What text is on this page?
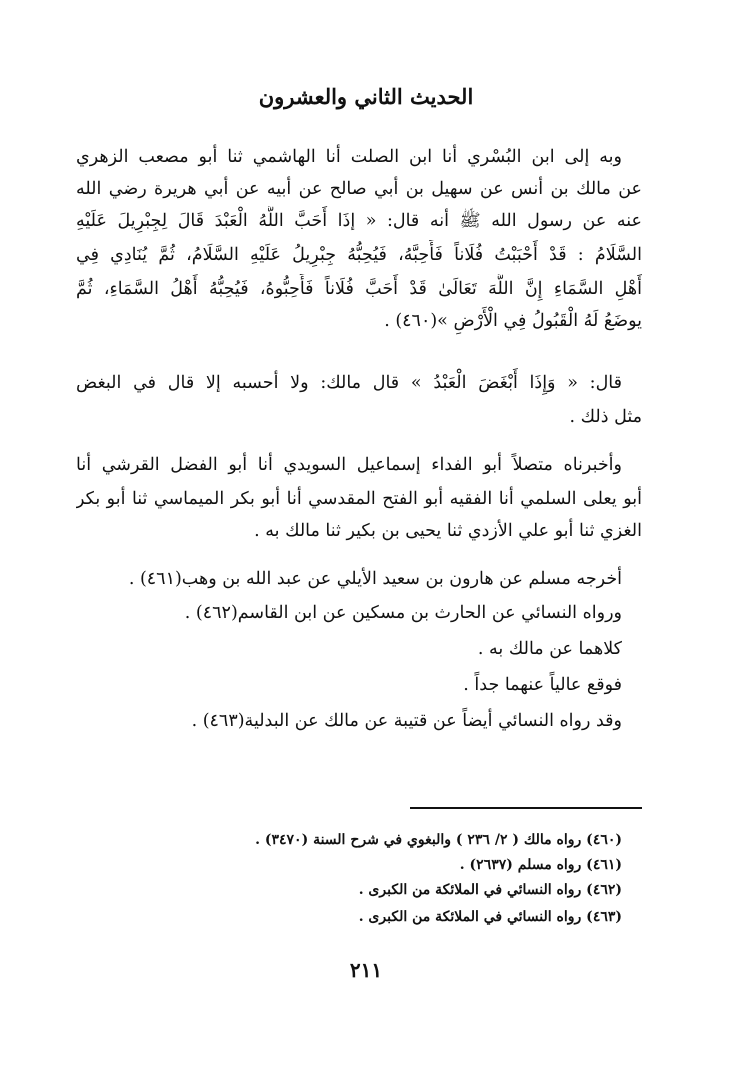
الحديث الثاني والعشرون
وبه إلى ابن البُسْري أنا ابن الصلت أنا الهاشمي ثنا أبو مصعب الزهري
عن مالك بن أنس عن سهيل بن أبي صالح عن أبيه عن أبي هريرة رضي الله
عنه عن رسول الله ﷺ أنه قال: « إذَا أَحَبَّ اللَّهُ الْعَبْدَ قَالَ لِجِبْرِيلَ عَلَيْهِ
السَّلَامُ : قَدْ أَحْبَبْتُ فُلَاناً فَأَحِبَّهُ، فَيُحِبُّهُ جِبْرِيلُ عَلَيْهِ السَّلَامُ، ثُمَّ يُنَادِي فِي
أَهْلِ السَّمَاءِ إِنَّ اللَّهَ تَعَالَىٰ قَدْ أَحَبَّ فُلَاناً فَأَحِبُّوهُ، فَيُحِبُّهُ أَهْلُ السَّمَاءِ، ثُمَّ
يوضَعُ لَهُ الْقَبُولُ فِي الْأَرْضِ »(٤٦٠) .
قال: « وَإِذَا أَبْغَضَ الْعَبْدُ » قال مالك: ولا أحسبه إلا قال في البغض
مثل ذلك .
وأخبرناه متصلاً أبو الفداء إسماعيل السويدي أنا أبو الفضل القرشي أنا
أبو يعلى السلمي أنا الفقيه أبو الفتح المقدسي أنا أبو بكر الميماسي ثنا أبو بكر
الغزي ثنا أبو علي الأزدي ثنا يحيى بن بكير ثنا مالك به .
أخرجه مسلم عن هارون بن سعيد الأيلي عن عبد الله بن وهب(٤٦١) .
ورواه النسائي عن الحارث بن مسكين عن ابن القاسم(٤٦٢) .
كلاهما عن مالك به .
فوقع عالياً عنهما جداً .
وقد رواه النسائي أيضاً عن قتيبة عن مالك عن البدلية(٤٦٣) .
(٤٦٠) رواه مالك ( ٢/ ٢٣٦ ) والبغوي في شرح السنة (٣٤٧٠) .
(٤٦١) رواه مسلم (٢٦٣٧) .
(٤٦٢) رواه النسائي في الملائكة من الكبرى .
(٤٦٣) رواه النسائي في الملائكة من الكبرى .
٢١١
